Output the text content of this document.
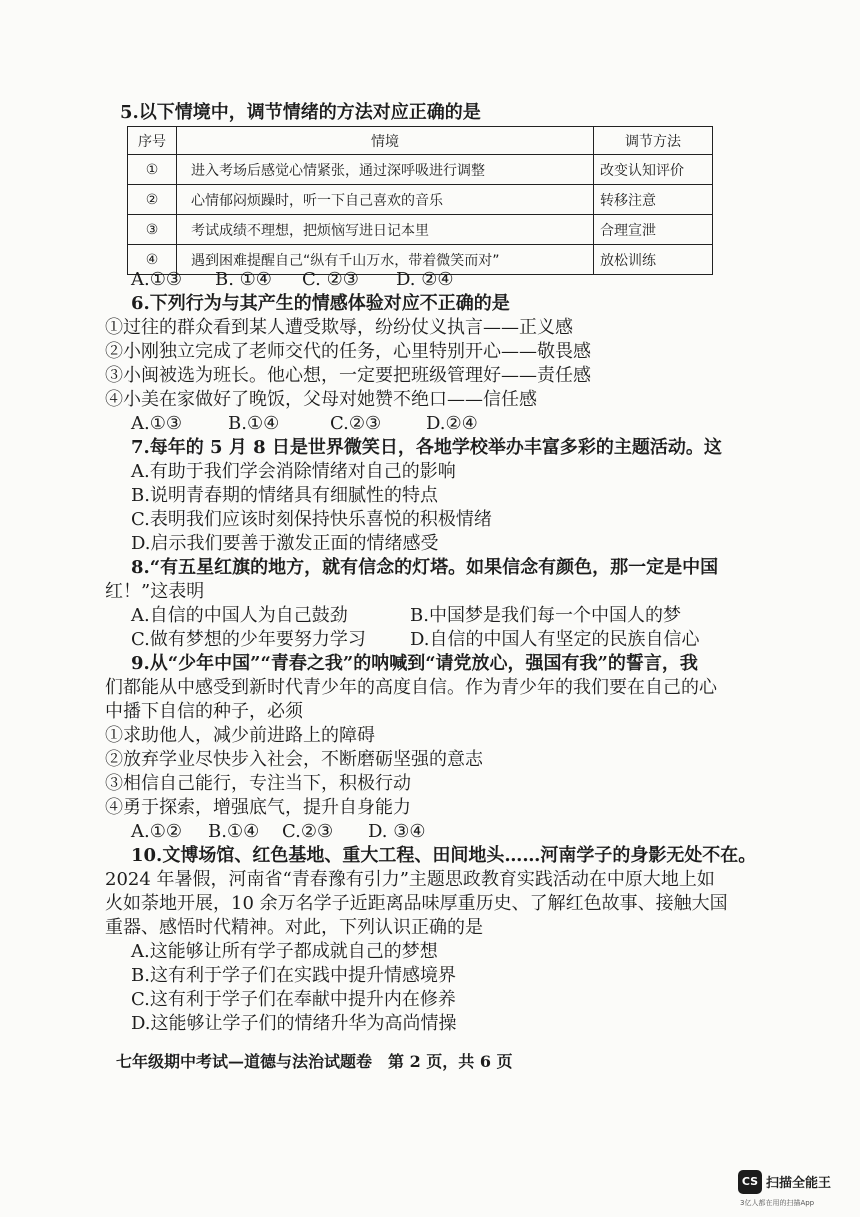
5.以下情境中，调节情绪的方法对应正确的是
序号	情境	调节方法
①	进入考场后感觉心情紧张，通过深呼吸进行调整	改变认知评价
②	心情郁闷烦躁时，听一下自己喜欢的音乐	转移注意
③	考试成绩不理想，把烦恼写进日记本里	合理宣泄
④	遇到困难提醒自己“纵有千山万水，带着微笑而对”	放松训练
A.①③ B. ①④ C. ②③ D. ②④
6.下列行为与其产生的情感体验对应不正确的是
①过往的群众看到某人遭受欺辱，纷纷仗义执言——正义感
②小刚独立完成了老师交代的任务，心里特别开心——敬畏感
③小闽被选为班长。他心想，一定要把班级管理好——责任感
④小美在家做好了晚饭，父母对她赞不绝口——信任感
A.①③	B.①④	C.②③ D.②④
7.每年的 5 月 8 日是世界微笑日，各地学校举办丰富多彩的主题活动。这
A.有助于我们学会消除情绪对自己的影响
B.说明青春期的情绪具有细腻性的特点
C.表明我们应该时刻保持快乐喜悦的积极情绪
D.启示我们要善于激发正面的情绪感受
8.“有五星红旗的地方，就有信念的灯塔。如果信念有颜色，那一定是中国
红！”这表明
A.自信的中国人为自己鼓劲	B.中国梦是我们每一个中国人的梦
C.做有梦想的少年要努力学习 D.自信的中国人有坚定的民族自信心
9.从“少年中国”“青春之我”的呐喊到“请党放心，强国有我”的誓言，我
们都能从中感受到新时代青少年的高度自信。作为青少年的我们要在自己的心
中播下自信的种子，必须
①求助他人，减少前进路上的障碍
②放弃学业尽快步入社会，不断磨砺坚强的意志
③相信自己能行，专注当下，积极行动
④勇于探索，增强底气，提升自身能力
A.①② B.①④ C.②③ D. ③④
10.文博场馆、红色基地、重大工程、田间地头……河南学子的身影无处不在。
2024 年暑假，河南省“青春豫有引力”主题思政教育实践活动在中原大地上如
火如荼地开展，10 余万名学子近距离品味厚重历史、了解红色故事、接触大国
重器、感悟时代精神。对此，下列认识正确的是
A.这能够让所有学子都成就自己的梦想
B.这有利于学子们在实践中提升情感境界
C.这有利于学子们在奉献中提升内在修养
D.这能够让学子们的情绪升华为高尚情操
七年级期中考试—道德与法治试题卷　第 2 页，共 6 页
CS 扫描全能王
3亿人都在用的扫描App
